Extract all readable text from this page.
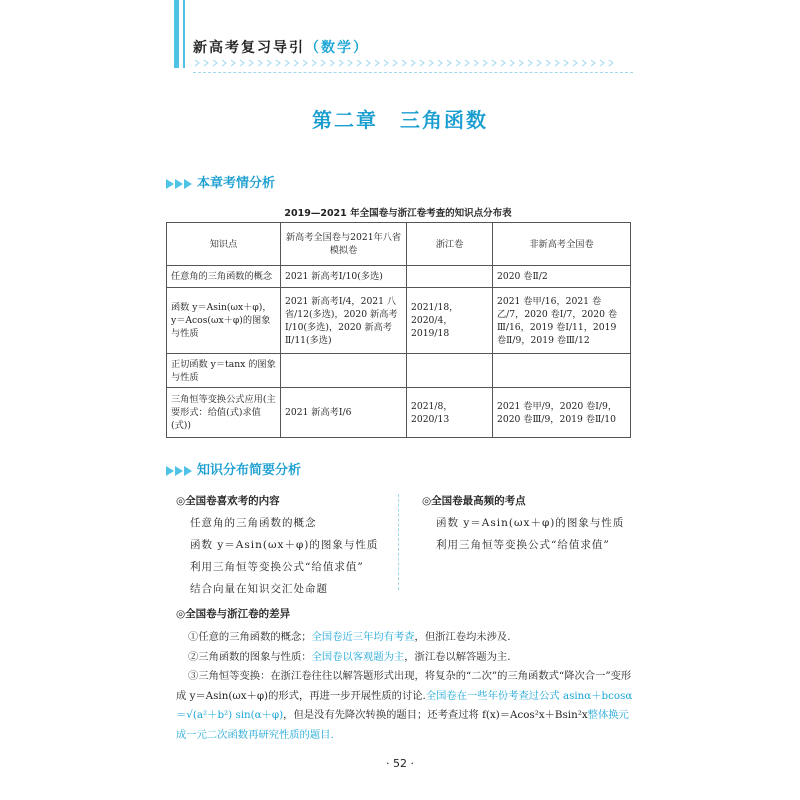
新高考复习导引（数学）
第二章　三角函数
本章考情分析
2019—2021 年全国卷与浙江卷考查的知识点分布表
知识点	新高考全国卷与2021年八省模拟卷	浙江卷	非新高考全国卷
任意角的三角函数的概念	2021 新高考Ⅰ/10(多选)		2020 卷Ⅱ/2
函数 y＝Asin(ωx＋φ)，y＝Acos(ωx＋φ)的图象与性质	2021 新高考Ⅰ/4，2021 八省/12(多选)，2020 新高考Ⅰ/10(多选)，2020 新高考Ⅱ/11(多选)	2021/18，2020/4，2019/18	2021 卷甲/16，2021 卷乙/7，2020 卷Ⅰ/7，2020 卷Ⅲ/16，2019 卷Ⅰ/11，2019 卷Ⅱ/9，2019 卷Ⅲ/12
正切函数 y＝tanx 的图象与性质			
三角恒等变换公式应用(主要形式：给值(式)求值(式))	2021 新高考Ⅰ/6	2021/8，2020/13	2021 卷甲/9，2020 卷Ⅰ/9，2020 卷Ⅲ/9，2019 卷Ⅱ/10
知识分布简要分析
◎全国卷喜欢考的内容
任意角的三角函数的概念
函数 y＝Asin(ωx＋φ)的图象与性质
利用三角恒等变换公式“给值求值”
结合向量在知识交汇处命题
◎全国卷最高频的考点
函数 y＝Asin(ωx＋φ)的图象与性质
利用三角恒等变换公式“给值求值”
◎全国卷与浙江卷的差异

①任意的三角函数的概念；全国卷近三年均有考查，但浙江卷均未涉及.

②三角函数的图象与性质：全国卷以客观题为主，浙江卷以解答题为主.

③三角恒等变换：在浙江卷往往以解答题形式出现，将复杂的“二次”的三角函数式“降次合一”变形成 y＝Asin(ωx＋φ)的形式，再进一步开展性质的讨论.全国卷在一些年份考查过公式 asinα＋bcosα＝√(a²＋b²) sin(α＋φ)，但是没有先降次转换的题目；还考查过将 f(x)＝Acos²x＋Bsin²x整体换元成一元二次函数再研究性质的题目.

· 52 ·
